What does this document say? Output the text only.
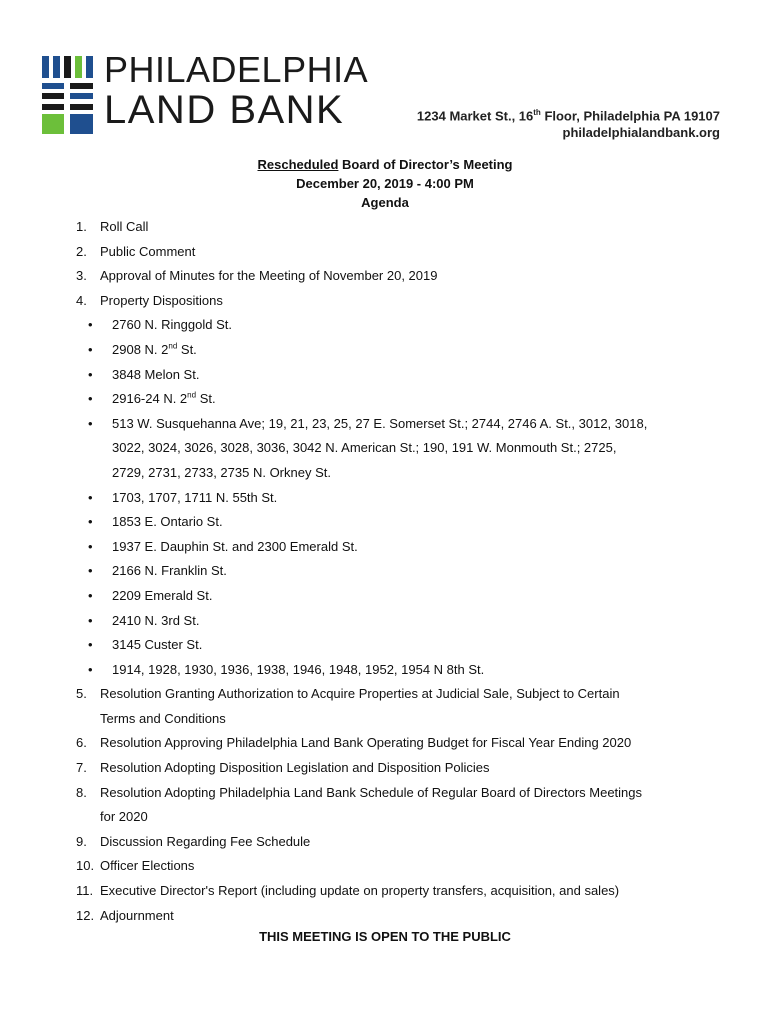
PHILADELPHIA
LAND BANK	1234 Market St., 16th Floor, Philadelphia PA 19107
philadelphialandbank.org
Rescheduled Board of Director’s Meeting
December 20, 2019 - 4:00 PM
Agenda
1. Roll Call
2. Public Comment
3. Approval of Minutes for the Meeting of November 20, 2019
4. Property Dispositions
• 2760 N. Ringgold St.
• 2908 N. 2nd St.
• 3848 Melon St.
• 2916-24 N. 2nd St.
• 513 W. Susquehanna Ave; 19, 21, 23, 25, 27 E. Somerset St.; 2744, 2746 A. St., 3012, 3018,
3022, 3024, 3026, 3028, 3036, 3042 N. American St.; 190, 191 W. Monmouth St.; 2725,
2729, 2731, 2733, 2735 N. Orkney St.
• 1703, 1707, 1711 N. 55th St.
• 1853 E. Ontario St.
• 1937 E. Dauphin St. and 2300 Emerald St.
• 2166 N. Franklin St.
• 2209 Emerald St.
• 2410 N. 3rd St.
• 3145 Custer St.
• 1914, 1928, 1930, 1936, 1938, 1946, 1948, 1952, 1954 N 8th St.
5. Resolution Granting Authorization to Acquire Properties at Judicial Sale, Subject to Certain
Terms and Conditions
6. Resolution Approving Philadelphia Land Bank Operating Budget for Fiscal Year Ending 2020
7. Resolution Adopting Disposition Legislation and Disposition Policies
8. Resolution Adopting Philadelphia Land Bank Schedule of Regular Board of Directors Meetings
for 2020
9. Discussion Regarding Fee Schedule
10. Officer Elections
11. Executive Director's Report (including update on property transfers, acquisition, and sales)
12. Adjournment
THIS MEETING IS OPEN TO THE PUBLIC
